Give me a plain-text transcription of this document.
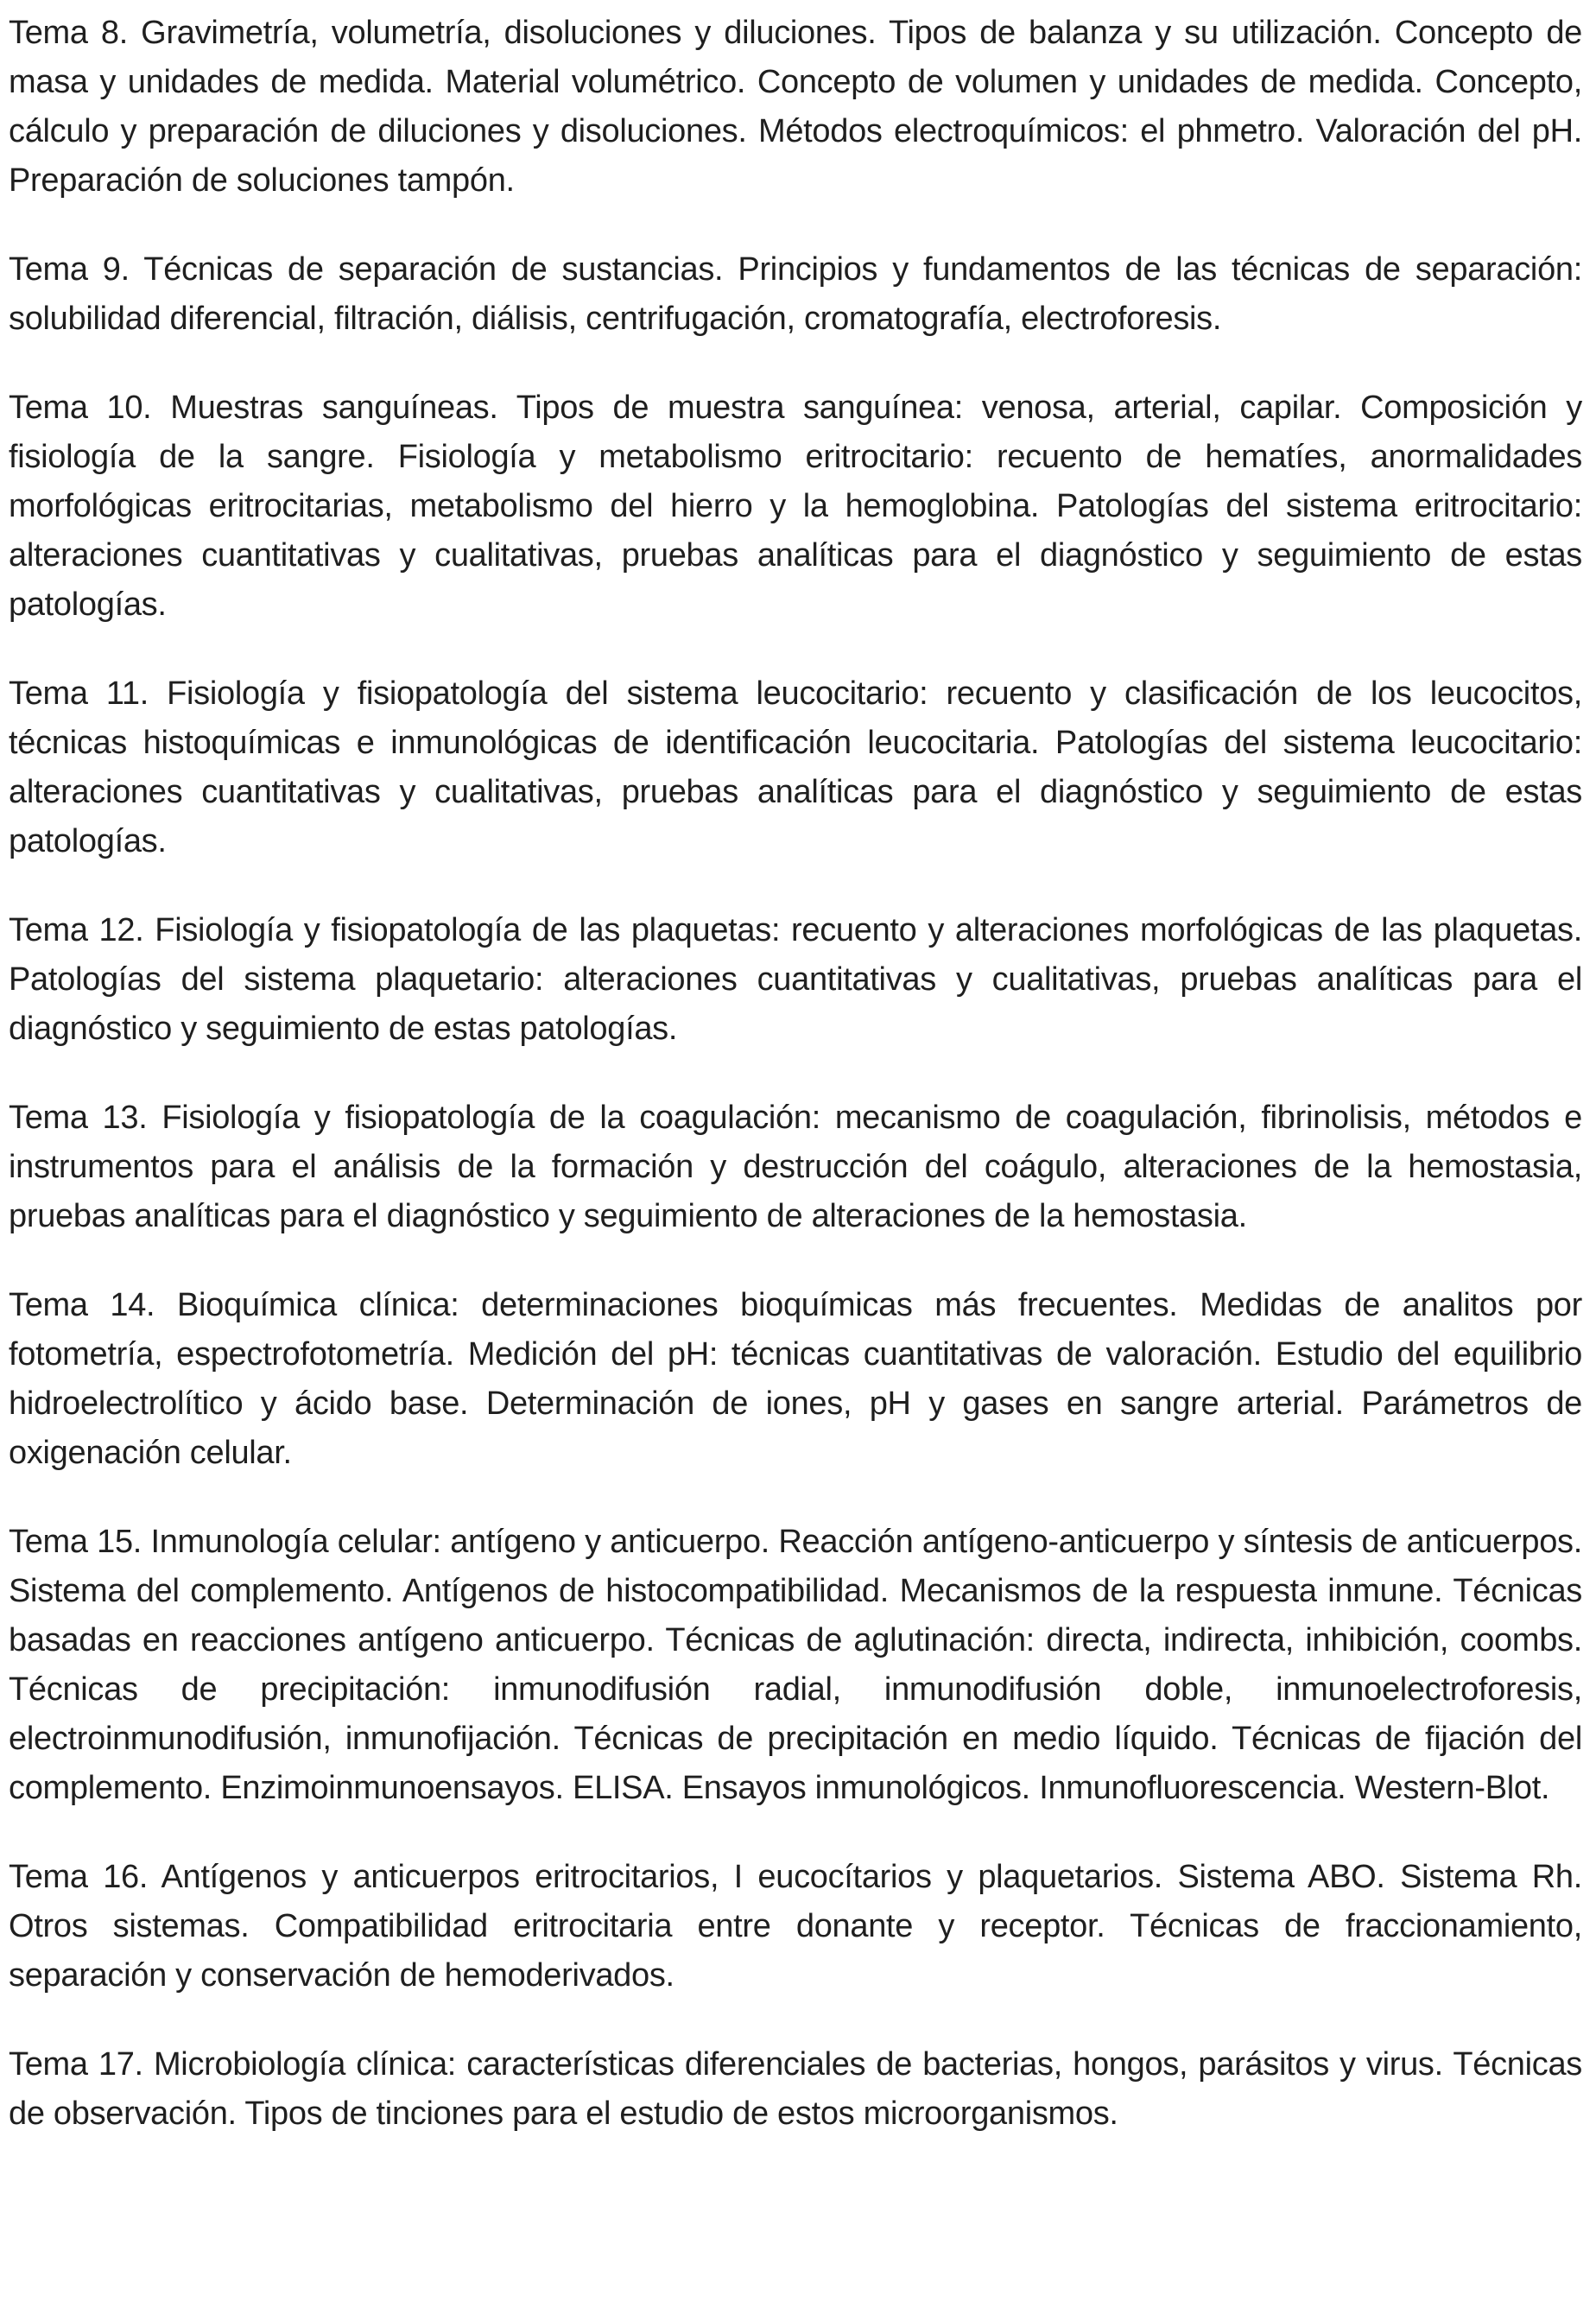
Tema 8. Gravimetría, volumetría, disoluciones y diluciones. Tipos de balanza y su utilización. Concepto de masa y unidades de medida. Material volumétrico. Concepto de volumen y unidades de medida. Concepto, cálculo y preparación de diluciones y disoluciones. Métodos electroquímicos: el phmetro. Valoración del pH. Preparación de soluciones tampón.

Tema 9. Técnicas de separación de sustancias. Principios y fundamentos de las técnicas de separación: solubilidad diferencial, filtración, diálisis, centrifugación, cromatografía, electroforesis.

Tema 10. Muestras sanguíneas. Tipos de muestra sanguínea: venosa, arterial, capilar. Composición y fisiología de la sangre. Fisiología y metabolismo eritrocitario: recuento de hematíes, anormalidades morfológicas eritrocitarias, metabolismo del hierro y la hemoglobina. Patologías del sistema eritrocitario: alteraciones cuantitativas y cualitativas, pruebas analíticas para el diagnóstico y seguimiento de estas patologías.

Tema 11. Fisiología y fisiopatología del sistema leucocitario: recuento y clasificación de los leucocitos, técnicas histoquímicas e inmunológicas de identificación leucocitaria. Patologías del sistema leucocitario: alteraciones cuantitativas y cualitativas, pruebas analíticas para el diagnóstico y seguimiento de estas patologías.

Tema 12. Fisiología y fisiopatología de las plaquetas: recuento y alteraciones morfológicas de las plaquetas. Patologías del sistema plaquetario: alteraciones cuantitativas y cualitativas, pruebas analíticas para el diagnóstico y seguimiento de estas patologías.

Tema 13. Fisiología y fisiopatología de la coagulación: mecanismo de coagulación, fibrinolisis, métodos e instrumentos para el análisis de la formación y destrucción del coágulo, alteraciones de la hemostasia, pruebas analíticas para el diagnóstico y seguimiento de alteraciones de la hemostasia.

Tema 14. Bioquímica clínica: determinaciones bioquímicas más frecuentes. Medidas de analitos por fotometría, espectrofotometría. Medición del pH: técnicas cuantitativas de valoración. Estudio del equilibrio hidroelectrolítico y ácido base. Determinación de iones, pH y gases en sangre arterial. Parámetros de oxigenación celular.

Tema 15. Inmunología celular: antígeno y anticuerpo. Reacción antígeno-anticuerpo y síntesis de anticuerpos. Sistema del complemento. Antígenos de histocompatibilidad. Mecanismos de la respuesta inmune. Técnicas basadas en reacciones antígeno anticuerpo. Técnicas de aglutinación: directa, indirecta, inhibición, coombs. Técnicas de precipitación: inmunodifusión radial, inmunodifusión doble, inmunoelectroforesis, electroinmunodifusión, inmunofijación. Técnicas de precipitación en medio líquido. Técnicas de fijación del complemento. Enzimoinmunoensayos. ELISA. Ensayos inmunológicos. Inmunofluorescencia. Western-Blot.

Tema 16. Antígenos y anticuerpos eritrocitarios, I eucocítarios y plaquetarios. Sistema ABO. Sistema Rh. Otros sistemas. Compatibilidad eritrocitaria entre donante y receptor. Técnicas de fraccionamiento, separación y conservación de hemoderivados.

Tema 17. Microbiología clínica: características diferenciales de bacterias, hongos, parásitos y virus. Técnicas de observación. Tipos de tinciones para el estudio de estos microorganismos.
